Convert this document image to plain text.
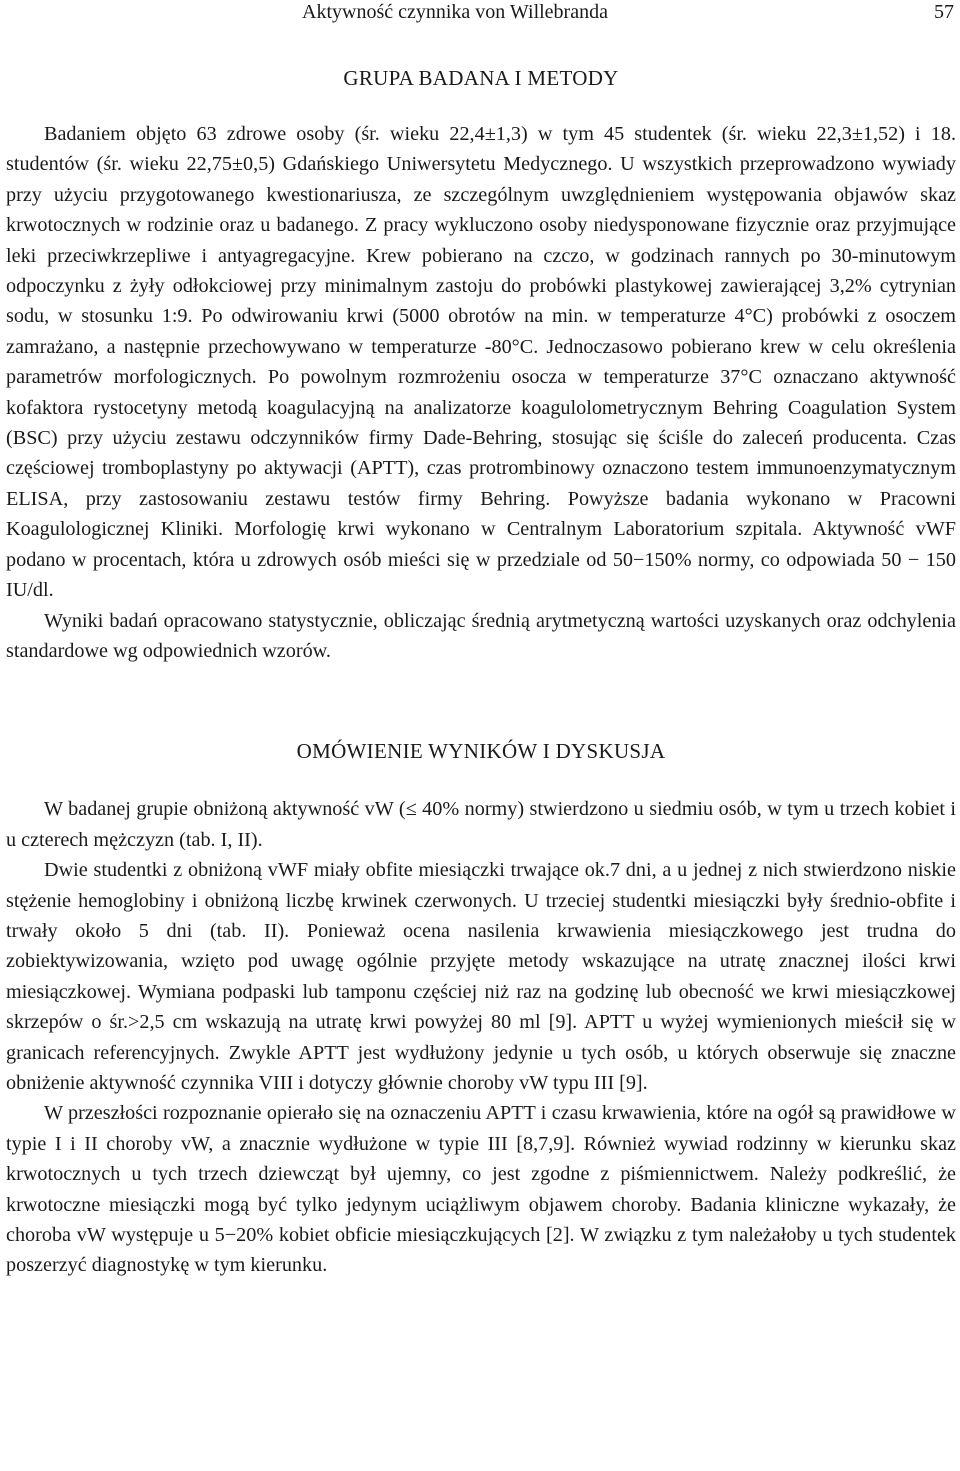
Aktywność czynnika von Willebranda	57
GRUPA BADANA I METODY

Badaniem objęto 63 zdrowe osoby (śr. wieku 22,4±1,3) w tym 45 studentek (śr. wieku 22,3±1,52) i 18. studentów (śr. wieku 22,75±0,5) Gdańskiego Uniwersytetu Medycznego. U wszystkich przeprowadzono wywiady przy użyciu przygotowanego kwestionariusza, ze szczególnym uwzględnieniem występowania objawów skaz krwotocznych w rodzinie oraz u badanego. Z pracy wykluczono osoby niedysponowane fizycznie oraz przyjmujące leki przeciwkrzepliwe i antyagregacyjne. Krew pobierano na czczo, w godzinach rannych po 30-minutowym odpoczynku z żyły odłokciowej przy minimalnym zastoju do probówki plastykowej zawierającej 3,2% cytrynian sodu, w stosunku 1:9. Po odwirowaniu krwi (5000 obrotów na min. w temperaturze 4°C) probówki z osoczem zamrażano, a następnie przechowywano w temperaturze -80°C. Jednoczasowo pobierano krew w celu określenia parametrów morfologicznych. Po powolnym rozmrożeniu osocza w temperaturze 37°C oznaczano aktywność kofaktora rystocetyny metodą koagulacyjną na analizatorze koagulolometrycznym Behring Coagulation System (BSC) przy użyciu zestawu odczynników firmy Dade-Behring, stosując się ściśle do zaleceń producenta. Czas częściowej tromboplastyny po aktywacji (APTT), czas protrombinowy oznaczono testem immunoenzymatycznym ELISA, przy zastosowaniu zestawu testów firmy Behring. Powyższe badania wykonano w Pracowni Koagulologicznej Kliniki. Morfologię krwi wykonano w Centralnym Laboratorium szpitala. Aktywność vWF podano w procentach, która u zdrowych osób mieści się w przedziale od 50−150% normy, co odpowiada 50 − 150 IU/dl.

Wyniki badań opracowano statystycznie, obliczając średnią arytmetyczną wartości uzyskanych oraz odchylenia standardowe wg odpowiednich wzorów.

OMÓWIENIE WYNIKÓW I DYSKUSJA

W badanej grupie obniżoną aktywność vW (≤ 40% normy) stwierdzono u siedmiu osób, w tym u trzech kobiet i u czterech mężczyzn (tab. I, II).

Dwie studentki z obniżoną vWF miały obfite miesiączki trwające ok.7 dni, a u jednej z nich stwierdzono niskie stężenie hemoglobiny i obniżoną liczbę krwinek czerwonych. U trzeciej studentki miesiączki były średnio-obfite i trwały około 5 dni (tab. II). Ponieważ ocena nasilenia krwawienia miesiączkowego jest trudna do zobiektywizowania, wzięto pod uwagę ogólnie przyjęte metody wskazujące na utratę znacznej ilości krwi miesiączkowej. Wymiana podpaski lub tamponu częściej niż raz na godzinę lub obecność we krwi miesiączkowej skrzepów o śr.>2,5 cm wskazują na utratę krwi powyżej 80 ml [9]. APTT u wyżej wymienionych mieścił się w granicach referencyjnych. Zwykle APTT jest wydłużony jedynie u tych osób, u których obserwuje się znaczne obniżenie aktywność czynnika VIII i dotyczy głównie choroby vW typu III [9].

W przeszłości rozpoznanie opierało się na oznaczeniu APTT i czasu krwawienia, które na ogół są prawidłowe w typie I i II choroby vW, a znacznie wydłużone w typie III [8,7,9]. Również wywiad rodzinny w kierunku skaz krwotocznych u tych trzech dziewcząt był ujemny, co jest zgodne z piśmiennictwem. Należy podkreślić, że krwotoczne miesiączki mogą być tylko jedynym uciążliwym objawem choroby. Badania kliniczne wykazały, że choroba vW występuje u 5−20% kobiet obficie miesiączkujących [2]. W związku z tym należałoby u tych studentek poszerzyć diagnostykę w tym kierunku.
